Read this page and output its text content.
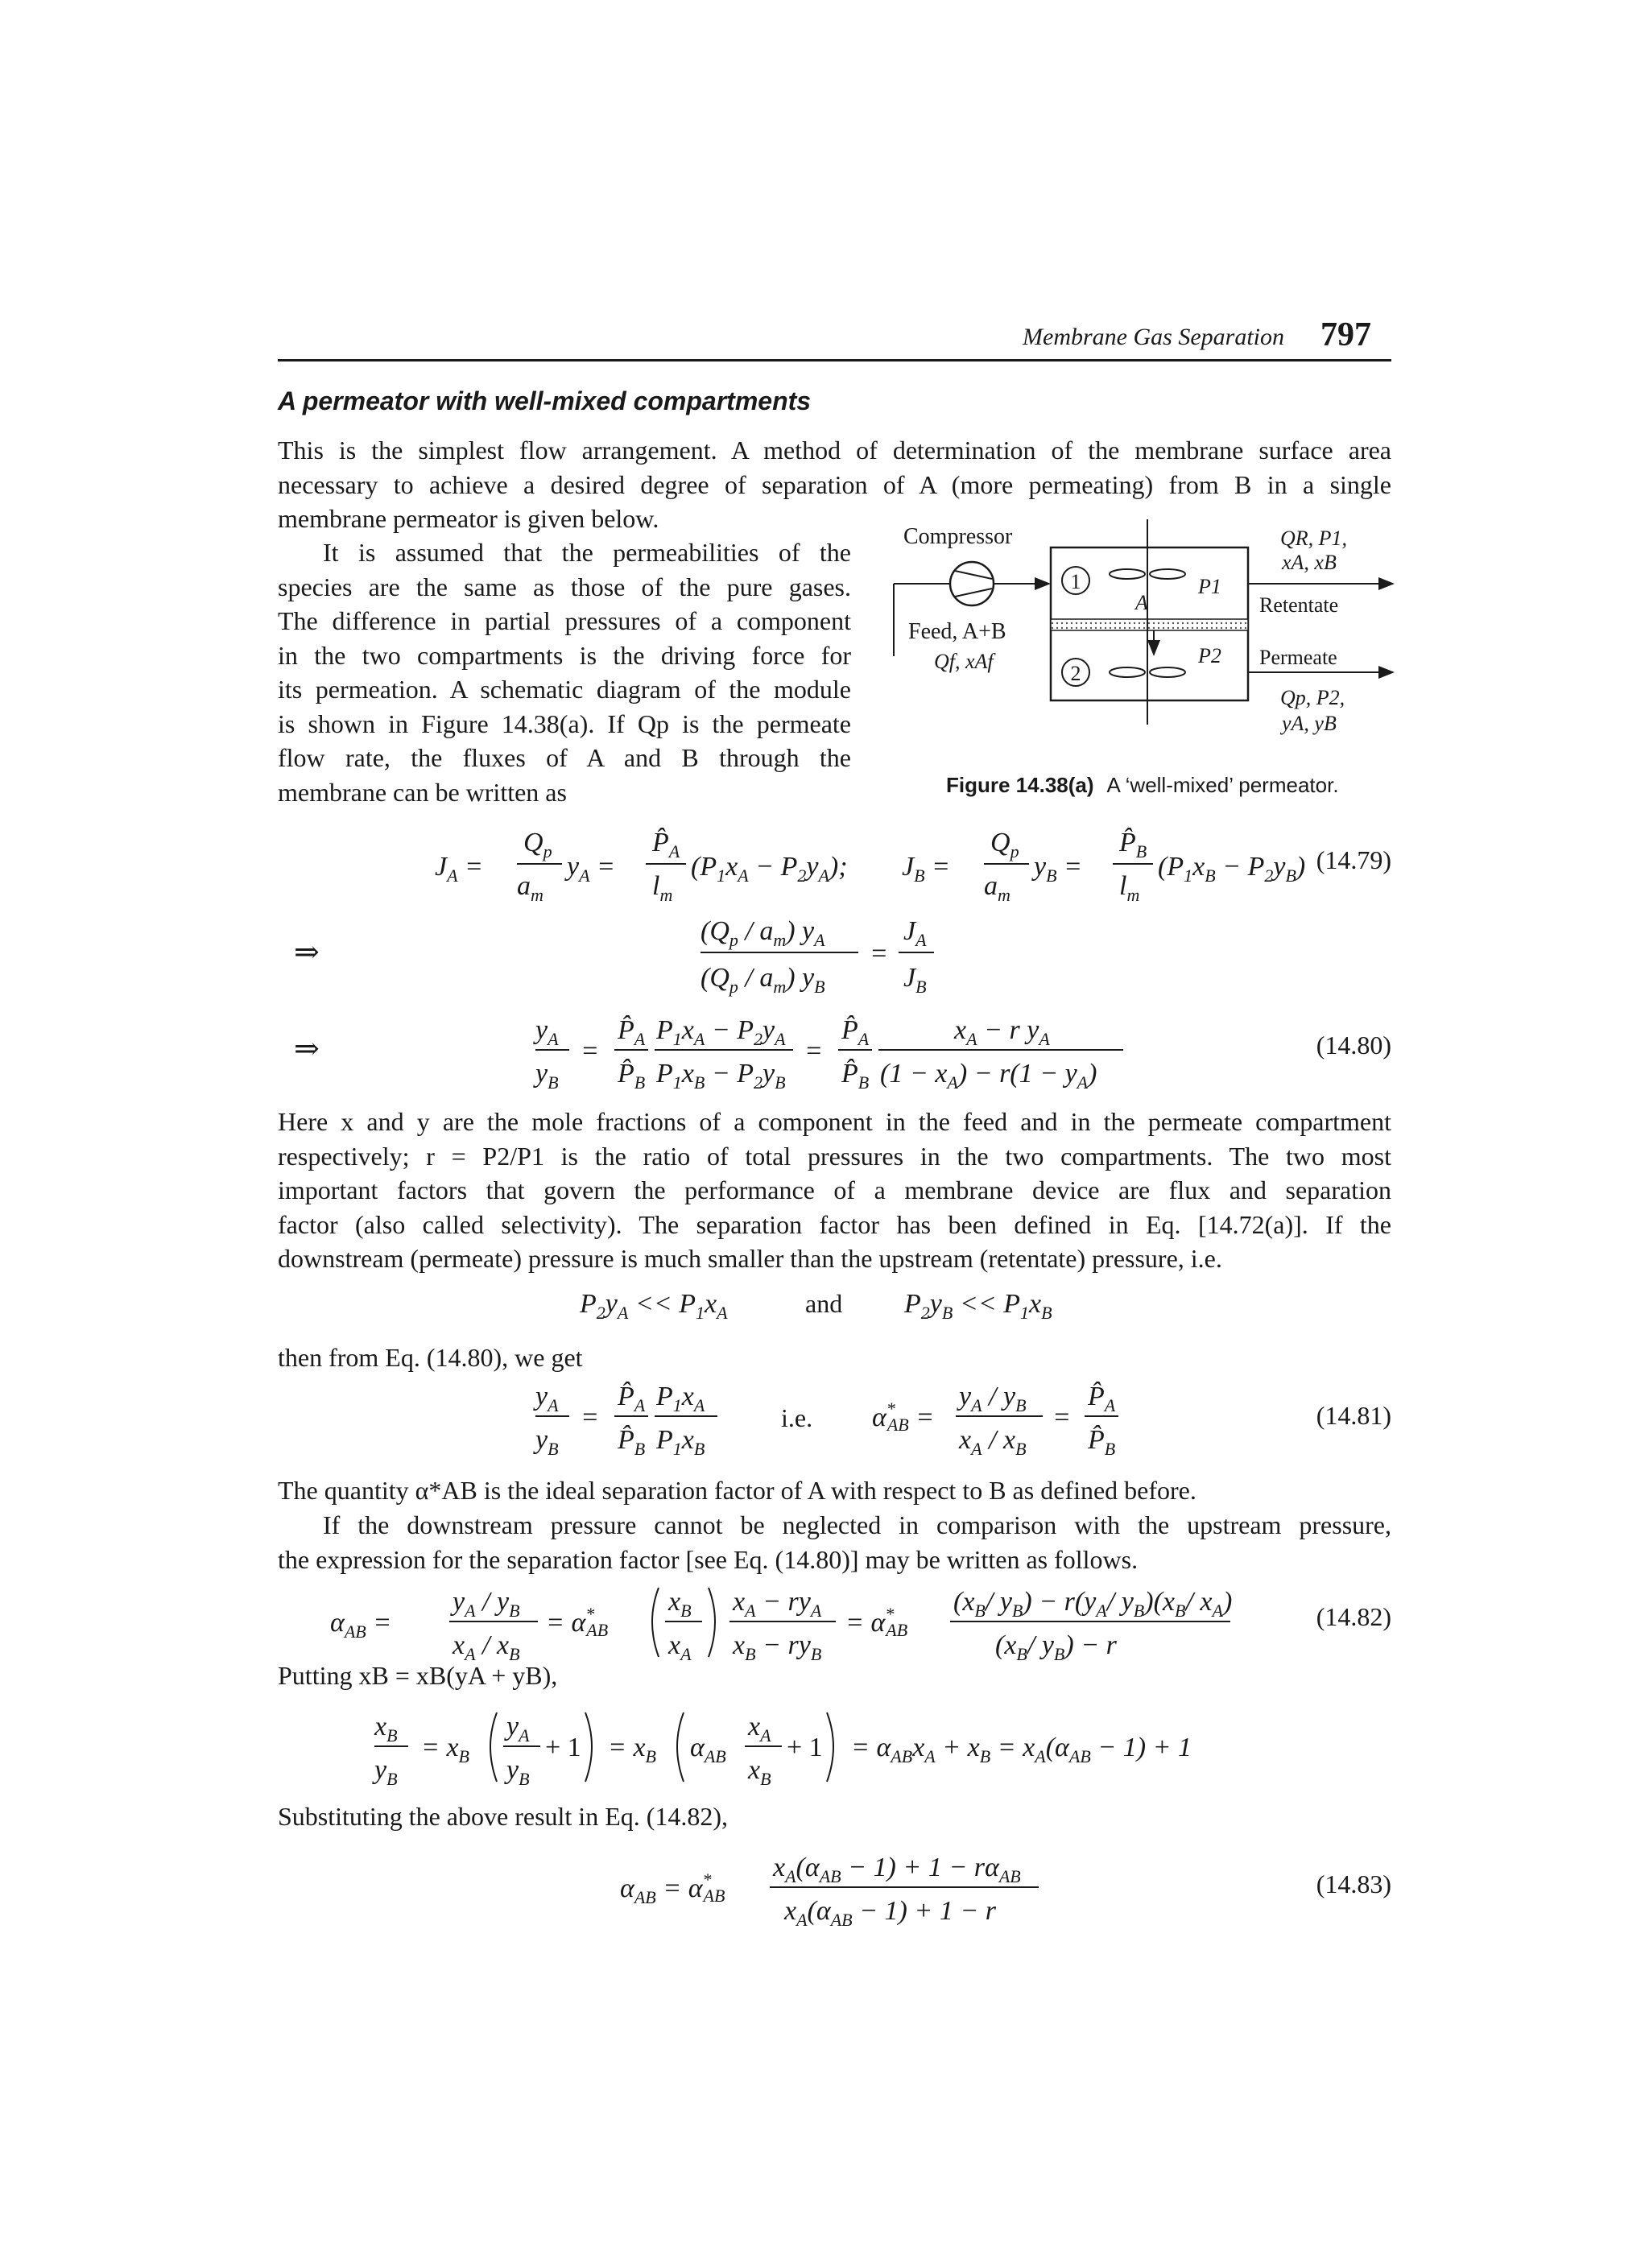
Membrane Gas Separation 797
A permeator with well-mixed compartments
This is the simplest flow arrangement. A method of determination of the membrane surface area
necessary to achieve a desired degree of separation of A (more permeating) from B in a single
membrane permeator is given below.
It is assumed that the permeabilities of the
species are the same as those of the pure gases.
The difference in partial pressures of a component
in the two compartments is the driving force for
its permeation. A schematic diagram of the module
is shown in Figure 14.38(a). If Qp is the permeate
flow rate, the fluxes of A and B through the
membrane can be written as
Compressor
Feed, A+B
Qf, xAf
1
2
A
P1
P2
QR, P1,
xA, xB
Retentate
Permeate
Qp, P2,
yA, yB
Figure 14.38(a) A ‘well-mixed’ permeator.
$J_A$ =
$Q_p$
$a_m$
$y_A$ =
$P̂_A$
$l_m$
$(P_1x_A - P_2y_A)$; $J_B$ =
$Q_p$
$a_m$
$y_B$ =
$P̂_B$
$l_m$
$(P_1x_B - P_2y_B)$ (14.79)
⇒
$(Q_p / a_m)$ $y_A$
$(Q_p / a_m)$ $y_B$
=
$J_A$
$J_B$
⇒
$y_A$
$y_B$
=
$P̂_A$
$P̂_B$
$P_1x_A - P_2y_A$
$P_1x_B - P_2y_B$
=
$P̂_A$
$P̂_B$
$x_A - r$ $y_A$
$(1 - x_A) - r(1 - y_A)$
(14.80)
Here x and y are the mole fractions of a component in the feed and in the permeate compartment
respectively; r = P2/P1 is the ratio of total pressures in the two compartments. The two most
important factors that govern the performance of a membrane device are flux and separation
factor (also called selectivity). The separation factor has been defined in Eq. [14.72(a)]. If the
downstream (permeate) pressure is much smaller than the upstream (retentate) pressure, i.e.
$P_2y_A << P_1x_A$	$P_2y_B << P_1x_B$
and
then from Eq. (14.80), we get
$y_A$
$y_B$
=
$P̂_A$
$P̂_B$
$P_1x_A$
$P_1x_B$
α* AB =
$y_A / y_B$
$x_A / x_B$
=
$P̂_A$
$P̂_B$
i.e.	(14.81)
The quantity α*AB is the ideal separation factor of A with respect to B as defined before.
If the downstream pressure cannot be neglected in comparison with the upstream pressure,
the expression for the separation factor [see Eq. (14.80)] may be written as follows.
$\alpha_{AB}$ =
$y_A / y_B$
$x_A / x_B$
= α* AB
$x_B$
$x_A$
$x_A - ry_A$
$x_B - ry_B$
= α* AB
($x_B/$ $y_B) - r(y_A/$ $y_B)(x_B/$ $x_A$)
($x_B/$ $y_B) - r$
(14.82)
Putting xB = xB(yA + yB),
$x_B$
$y_B$
= $x_B$
$y_A$
$y_B$
+ $1 = x_B$ $\alpha_{AB}$
$x_A$
$x_B$
+ $1 = \alpha_{AB}x_A + x_B = x_A(\alpha_{AB} - 1) + 1$
Substituting the above result in Eq. (14.82),
$\alpha_{AB} = \alpha^*$ AB
$x_A(\alpha_{AB} - 1) + 1 - r\alpha_{AB}$
$x_A(\alpha_{AB} - 1) + 1 - r$
(14.83)
